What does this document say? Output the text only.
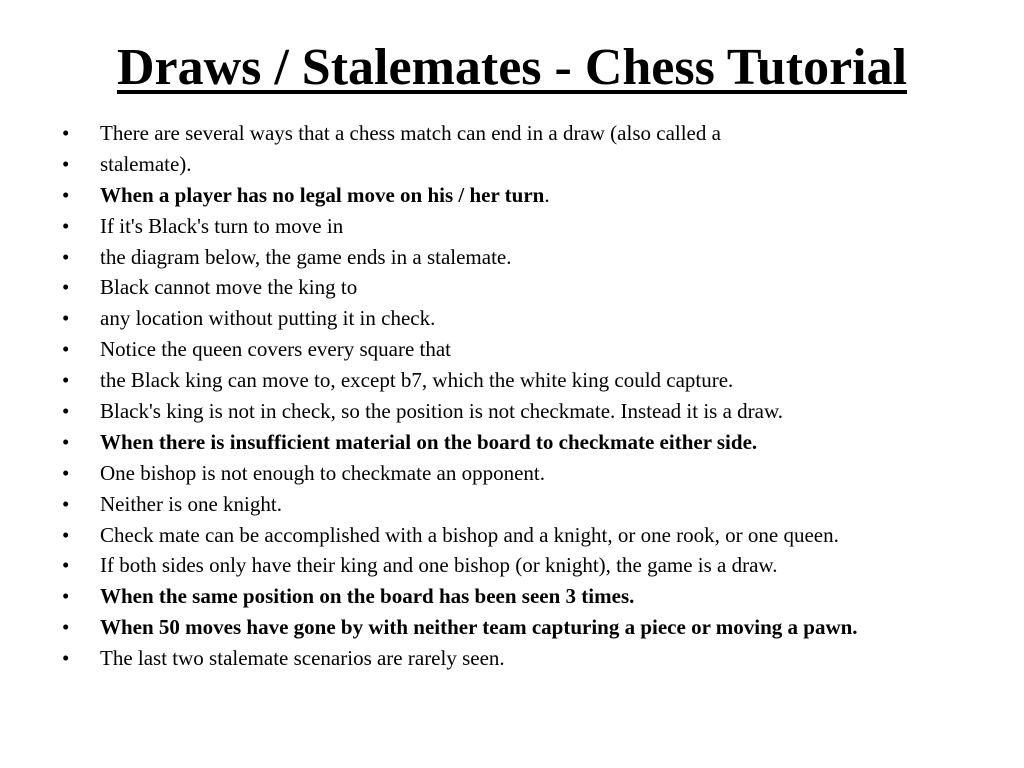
Draws / Stalemates - Chess Tutorial
•	There are several ways that a chess match can end in a draw (also called a
•	stalemate).
•	When a player has no legal move on his / her turn.
•	If it's Black's turn to move in
•	the diagram below, the game ends in a stalemate.
•	Black cannot move the king to
•	any location without putting it in check.
•	Notice the queen covers every square that
•	the Black king can move to, except b7, which the white king could capture.
•	Black's king is not in check, so the position is not checkmate. Instead it is a draw.
•	When there is insufficient material on the board to checkmate either side.
•	One bishop is not enough to checkmate an opponent.
•	Neither is one knight.
•	Check mate can be accomplished with a bishop and a knight, or one rook, or one queen.
•	If both sides only have their king and one bishop (or knight), the game is a draw.
•	When the same position on the board has been seen 3 times.
•	When 50 moves have gone by with neither team capturing a piece or moving a pawn.
•	The last two stalemate scenarios are rarely seen.
